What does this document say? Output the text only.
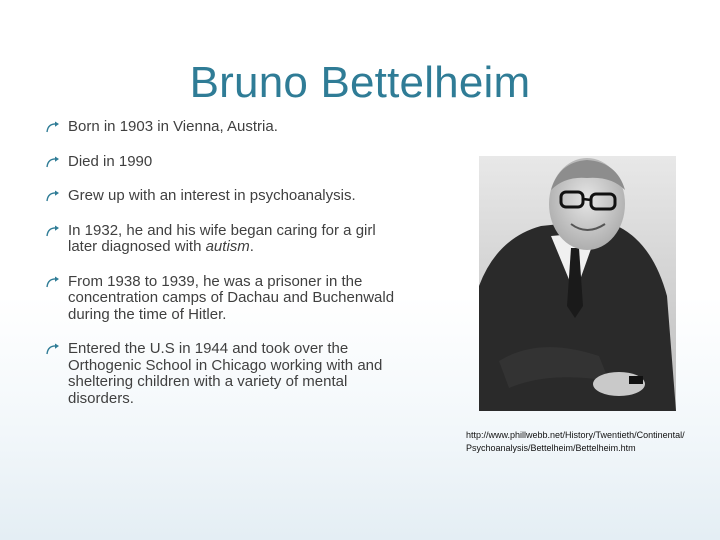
Bruno Bettelheim
Born in 1903 in Vienna, Austria.
Died in 1990
Grew up with an interest in psychoanalysis.
In 1932, he and his wife began caring for a girl later diagnosed with autism.
From 1938 to 1939, he was a prisoner in the concentration camps of Dachau and Buchenwald during the time of Hitler.
Entered the U.S in 1944 and took over the Orthogenic School in Chicago working with and sheltering children with a variety of mental disorders.
http://www.phillwebb.net/History/Twentieth/Continental/
Psychoanalysis/Bettelheim/Bettelheim.htm
